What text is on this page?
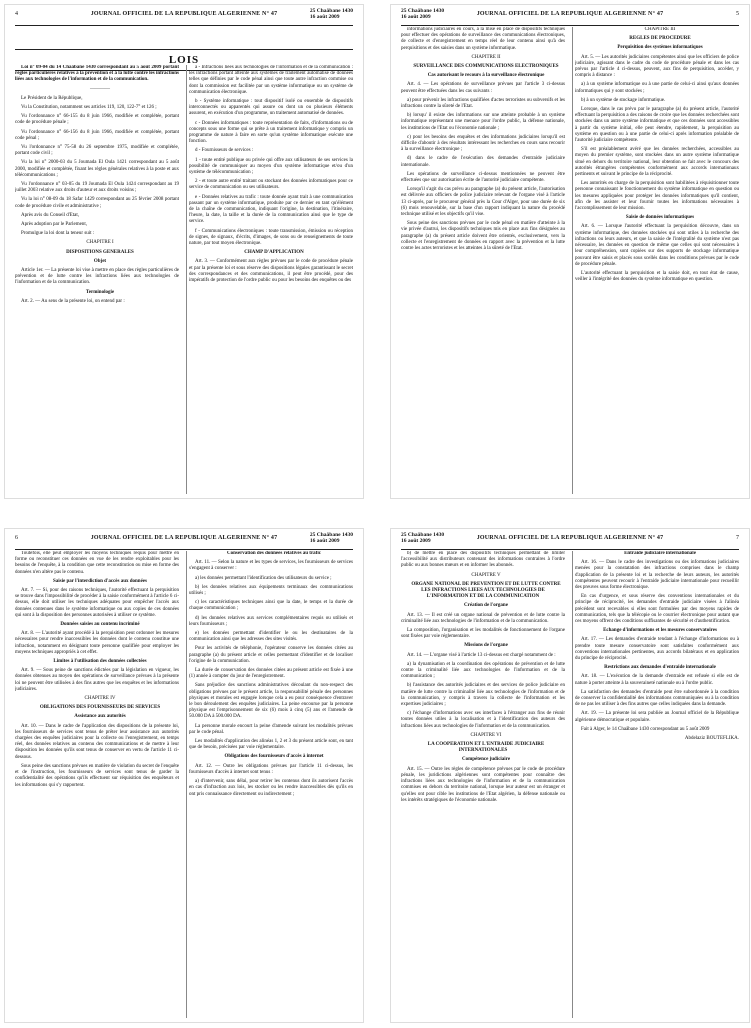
4	JOURNAL OFFICIEL DE LA REPUBLIQUE ALGERIENNE N° 47	25 Chaâbane 1430
16 août 2009
LOIS

Loi n° 09-04 du 14 Chaâbane 1430 correspondant au 5 août 2009 portant règles particulières relatives à la prévention et à la lutte contre les infractions liées aux technologies de l'information et de la communication.

————

Le Président de la République,

Vu la Constitution, notamment ses articles 119, 120, 122-7° et 126 ;

Vu l'ordonnance n° 66-155 du 8 juin 1966, modifiée et complétée, portant code de procédure pénale ;

Vu l'ordonnance n° 66-156 du 8 juin 1966, modifiée et complétée, portant code pénal ;

Vu l'ordonnance n° 75-58 du 26 septembre 1975, modifiée et complétée, portant code civil ;

Vu la loi n° 2000-03 du 5 Joumada El Oula 1421 correspondant au 5 août 2000, modifiée et complétée, fixant les règles générales relatives à la poste et aux télécommunications ;

Vu l'ordonnance n° 03-05 du 19 Joumada El Oula 1424 correspondant au 19 juillet 2003 relative aux droits d'auteur et aux droits voisins ;

Vu la loi n° 08-09 du 18 Safar 1429 correspondant au 25 février 2008 portant code de procédure civile et administrative ;

Après avis du Conseil d'Etat,

Après adoption par le Parlement,

Promulgue la loi dont la teneur suit :

CHAPITRE I

DISPOSITIONS GENERALES

Objet

Article 1er. — La présente loi vise à mettre en place des règles particulières de prévention et de lutte contre les infractions liées aux technologies de l'information et de la communication.

Terminologie

Art. 2. — Au sens de la présente loi, on entend par :

a - Infractions liées aux technologies de l'information et de la communication : les infractions portant atteinte aux systèmes de traitement automatisé de données telles que définies par le code pénal ainsi que toute autre infraction commise ou dont la commission est facilitée par un système informatique ou un système de communication électronique.

b - Système informatique : tout dispositif isolé ou ensemble de dispositifs interconnectés ou apparentés qui assure ou dont un ou plusieurs éléments assurent, en exécution d'un programme, un traitement automatisé de données.

c - Données informatiques : toute représentation de faits, d'informations ou de concepts sous une forme qui se prête à un traitement informatique y compris un programme de nature à faire en sorte qu'un système informatique exécute une fonction.

d - Fournisseurs de services :

1 - toute entité publique ou privée qui offre aux utilisateurs de ses services la possibilité de communiquer au moyen d'un système informatique et/ou d'un système de télécommunication ;

2 - et toute autre entité traitant ou stockant des données informatiques pour ce service de communication ou ses utilisateurs.

e - Données relatives au trafic : toute donnée ayant trait à une communication passant par un système informatique, produite par ce dernier en tant qu'élément de la chaîne de communication, indiquant l'origine, la destination, l'itinéraire, l'heure, la date, la taille et la durée de la communication ainsi que le type de service.

f - Communications électroniques : toute transmission, émission ou réception de signes, de signaux, d'écrits, d'images, de sons ou de renseignements de toute nature, par tout moyen électronique.

CHAMP D'APPLICATION

Art. 3. — Conformément aux règles prévues par le code de procédure pénale et par la présente loi et sous réserve des dispositions légales garantissant le secret des correspondances et des communications, il peut être procédé, pour des impératifs de protection de l'ordre public ou pour les besoins des enquêtes ou des

25 Chaâbane 1430
16 août 2009	JOURNAL OFFICIEL DE LA REPUBLIQUE ALGERIENNE N° 47	5

informations judiciaires en cours, à la mise en place de dispositifs techniques pour effectuer des opérations de surveillance des communications électroniques, de collecte et d'enregistrement en temps réel de leur contenu ainsi qu'à des perquisitions et des saisies dans un système informatique.

CHAPITRE II

SURVEILLANCE DES COMMUNICATIONS ELECTRONIQUES

Cas autorisant le recours à la surveillance électronique

Art. 4. — Les opérations de surveillance prévues par l'article 3 ci-dessus peuvent être effectuées dans les cas suivants :

a) pour prévenir les infractions qualifiées d'actes terroristes ou subversifs et les infractions contre la sûreté de l'Etat.

b) lorsqu' il existe des informations sur une atteinte probable à un système informatique représentant une menace pour l'ordre public, la défense nationale, les institutions de l'Etat ou l'économie nationale ;

c) pour les besoins des enquêtes et des informations judiciaires lorsqu'il est difficile d'aboutir à des résultats intéressant les recherches en cours sans recourir à la surveillance électronique ;

d) dans le cadre de l'exécution des demandes d'entraide judiciaire internationale.

Les opérations de surveillance ci-dessus mentionnées ne peuvent être effectuées que sur autorisation écrite de l'autorité judiciaire compétente.

Lorsqu'il s'agit du cas prévu au paragraphe (a) du présent article, l'autorisation est délivrée aux officiers de police judiciaire relevant de l'organe visé à l'article 13 ci-après, par le procureur général près la Cour d'Alger, pour une durée de six (6) mois renouvelable, sur la base d'un rapport indiquant la nature du procédé technique utilisé et les objectifs qu'il vise.

Sous peine des sanctions prévues par le code pénal en matière d'atteinte à la vie privée d'autrui, les dispositifs techniques mis en place aux fins désignées au paragraphe (a) du présent article doivent être orientés, exclusivement, vers la collecte et l'enregistrement de données en rapport avec la prévention et la lutte contre les actes terroristes et les atteintes à la sûreté de l'Etat.

CHAPITRE III

REGLES DE PROCEDURE

Perquisition des systèmes informatiques

Art. 5. — Les autorités judiciaires compétentes ainsi que les officiers de police judiciaire, agissant dans le cadre du code de procédure pénale et dans les cas prévus par l'article 4 ci-dessus, peuvent, aux fins de perquisition, accéder, y compris à distance :

a) à un système informatique ou à une partie de celui-ci ainsi qu'aux données informatiques qui y sont stockées ;

b) à un système de stockage informatique.

Lorsque, dans le cas prévu par le paragraphe (a) du présent article, l'autorité effectuant la perquisition a des raisons de croire que les données recherchées sont stockées dans un autre système informatique et que ces données sont accessibles à partir du système initial, elle peut étendre, rapidement, la perquisition au système en question ou à une partie de celui-ci après information préalable de l'autorité judiciaire compétente.

S'il est préalablement avéré que les données recherchées, accessibles au moyen du premier système, sont stockées dans un autre système informatique situé en dehors du territoire national, leur obtention se fait avec le concours des autorités étrangères compétentes conformément aux accords internationaux pertinents et suivant le principe de la réciprocité.

Les autorités en charge de la perquisition sont habilitées à réquisitionner toute personne connaissant le fonctionnement du système informatique en question ou les mesures appliquées pour protéger les données informatiques qu'il contient, afin de les assister et leur fournir toutes les informations nécessaires à l'accomplissement de leur mission.

Saisie de données informatiques

Art. 6. — Lorsque l'autorité effectuant la perquisition découvre, dans un système informatique, des données stockées qui sont utiles à la recherche des infractions ou leurs auteurs, et que la saisie de l'intégralité du système n'est pas nécessaire, les données en question de même que celles qui sont nécessaires à leur compréhension, sont copiées sur des supports de stockage informatique pouvant être saisis et placés sous scellés dans les conditions prévues par le code de procédure pénale.

L'autorité effectuant la perquisition et la saisie doit, en tout état de cause, veiller à l'intégrité des données du système informatique en question.

6	JOURNAL OFFICIEL DE LA REPUBLIQUE ALGERIENNE N° 47	25 Chaâbane 1430
16 août 2009

Toutefois, elle peut employer les moyens techniques requis pour mettre en forme ou reconstituer ces données en vue de les rendre exploitables pour les besoins de l'enquête, à la condition que cette reconstitution ou mise en forme des données n'en altère pas le contenu.

Saisie par l'interdiction d'accès aux données

Art. 7. — Si, pour des raisons techniques, l'autorité effectuant la perquisition se trouve dans l'impossibilité de procéder à la saisie conformément à l'article 6 ci-dessus, elle doit utiliser les techniques adéquates pour empêcher l'accès aux données contenues dans le système informatique ou aux copies de ces données qui sont à la disposition des personnes autorisées à utiliser ce système.

Données saisies au contenu incriminé

Art. 8. — L'autorité ayant procédé à la perquisition peut ordonner les mesures nécessaires pour rendre inaccessibles les données dont le contenu constitue une infraction, notamment en désignant toute personne qualifiée pour employer les moyens techniques appropriés à cet effet.

Limites à l'utilisation des données collectées

Art. 9. — Sous peine de sanctions édictées par la législation en vigueur, les données obtenues au moyen des opérations de surveillance prévues à la présente loi ne peuvent être utilisées à des fins autres que les enquêtes et les informations judiciaires.

CHAPITRE IV

OBLIGATIONS DES FOURNISSEURS DE SERVICES

Assistance aux autorités

Art. 10. — Dans le cadre de l'application des dispositions de la présente loi, les fournisseurs de services sont tenus de prêter leur assistance aux autorités chargées des enquêtes judiciaires pour la collecte ou l'enregistrement, en temps réel, des données relatives au contenu des communications et de mettre à leur disposition les données qu'ils sont tenus de conserver en vertu de l'article 11 ci-dessous.

Sous peine des sanctions prévues en matière de violation du secret de l'enquête et de l'instruction, les fournisseurs de services sont tenus de garder la confidentialité des opérations qu'ils effectuent sur réquisition des enquêteurs et les informations qui s'y rapportent.

Conservation des données relatives au trafic

Art. 11. — Selon la nature et les types de services, les fournisseurs de services s'engagent à conserver :

a) les données permettant l'identification des utilisateurs du service ;

b) les données relatives aux équipements terminaux des communications utilisés ;

c) les caractéristiques techniques ainsi que la date, le temps et la durée de chaque communication ;

d) les données relatives aux services complémentaires requis ou utilisés et leurs fournisseurs ;

e) les données permettant d'identifier le ou les destinataires de la communication ainsi que les adresses des sites visités.

Pour les activités de téléphonie, l'opérateur conserve les données citées au paragraphe (a) du présent article et celles permettant d'identifier et de localiser l'origine de la communication.

La durée de conservation des données citées au présent article est fixée à une (1) année à compter du jour de l'enregistrement.

Sans préjudice des sanctions administratives découlant du non-respect des obligations prévues par le présent article, la responsabilité pénale des personnes physiques et morales est engagée lorsque cela a eu pour conséquence d'entraver le bon déroulement des enquêtes judiciaires. La peine encourue par la personne physique est l'emprisonnement de six (6) mois à cinq (5) ans et l'amende de 50.000 DA à 500.000 DA.

La personne morale encourt la peine d'amende suivant les modalités prévues par le code pénal.

Les modalités d'application des alinéas 1, 2 et 3 du présent article sont, en tant que de besoin, précisées par voie réglementaire.

Obligations des fournisseurs d'accès à internet

Art. 12. — Outre les obligations prévues par l'article 11 ci-dessus, les fournisseurs d'accès à internet sont tenus :

a) d'intervenir, sans délai, pour retirer les contenus dont ils autorisent l'accès en cas d'infraction aux lois, les stocker ou les rendre inaccessibles dès qu'ils en ont pris connaissance directement ou indirectement ;

25 Chaâbane 1430
16 août 2009	JOURNAL OFFICIEL DE LA REPUBLIQUE ALGERIENNE N° 47	7

b) de mettre en place des dispositifs techniques permettant de limiter l'accessibilité aux distributeurs contenant des informations contraires à l'ordre public ou aux bonnes mœurs et en informer les abonnés.

CHAPITRE V

ORGANE NATIONAL DE PREVENTION ET DE LUTTE CONTRE LES INFRACTIONS LIEES AUX TECHNOLOGIES DE L'INFORMATION ET DE LA COMMUNICATION

Création de l'organe

Art. 13. — Il est créé un organe national de prévention et de lutte contre la criminalité liée aux technologies de l'information et de la communication.

La composition, l'organisation et les modalités de fonctionnement de l'organe sont fixées par voie réglementaire.

Missions de l'organe

Art. 14. — L'organe visé à l'article 13 ci-dessus est chargé notamment de :

a) la dynamisation et la coordination des opérations de prévention et de lutte contre la criminalité liée aux technologies de l'information et de la communication ;

b) l'assistance des autorités judiciaires et des services de police judiciaire en matière de lutte contre la criminalité liée aux technologies de l'information et de la communication, y compris à travers la collecte de l'information et les expertises judiciaires ;

c) l'échange d'informations avec ses interfaces à l'étranger aux fins de réunir toutes données utiles à la localisation et à l'identification des auteurs des infractions liées aux technologies de l'information et de la communication.

CHAPITRE VI

LA COOPERATION ET L'ENTRAIDE JUDICIAIRE INTERNATIONALES

Compétence judiciaire

Art. 15. — Outre les règles de compétence prévues par le code de procédure pénale, les juridictions algériennes sont compétentes pour connaître des infractions liées aux technologies de l'information et de la communication commises en dehors du territoire national, lorsque leur auteur est un étranger et qu'elles ont pour cible les institutions de l'Etat algérien, la défense nationale ou les intérêts stratégiques de l'économie nationale.

Entraide judiciaire internationale

Art. 16. — Dans le cadre des investigations ou des informations judiciaires menées pour la constatation des infractions comprises dans le champ d'application de la présente loi et la recherche de leurs auteurs, les autorités compétentes peuvent recourir à l'entraide judiciaire internationale pour recueillir des preuves sous forme électronique.

En cas d'urgence, et sous réserve des conventions internationales et du principe de réciprocité, les demandes d'entraide judiciaire visées à l'alinéa précédent sont recevables si elles sont formulées par des moyens rapides de communication, tels que la télécopie ou le courrier électronique pour autant que ces moyens offrent des conditions suffisantes de sécurité et d'authentification.

Echange d'informations et les mesures conservatoires

Art. 17. — Les demandes d'entraide tendant à l'échange d'informations ou à prendre toute mesure conservatoire sont satisfaites conformément aux conventions internationales pertinentes, aux accords bilatéraux et en application du principe de réciprocité.

Restrictions aux demandes d'entraide internationale

Art. 18. — L'exécution de la demande d'entraide est refusée si elle est de nature à porter atteinte à la souveraineté nationale ou à l'ordre public.

La satisfaction des demandes d'entraide peut être subordonnée à la condition de conserver la confidentialité des informations communiquées ou à la condition de ne pas les utiliser à des fins autres que celles indiquées dans la demande.

Art. 19. — La présente loi sera publiée au Journal officiel de la République algérienne démocratique et populaire.

Fait à Alger, le 14 Chaâbane 1430 correspondant au 5 août 2009

Abdelaziz BOUTEFLIKA.
